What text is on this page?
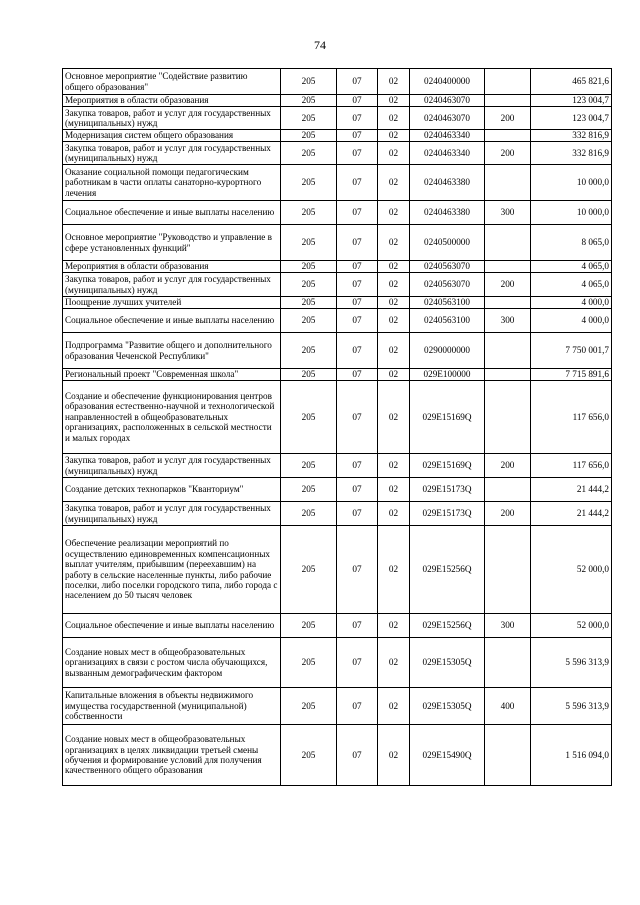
74
Основное мероприятие "Содействие развитию общего образования"	205	07	02	0240400000		465 821,6
Мероприятия в области образования	205	07	02	0240463070		123 004,7
Закупка товаров, работ и услуг для государственных (муниципальных) нужд	205	07	02	0240463070	200	123 004,7
Модернизация систем общего образования	205	07	02	0240463340		332 816,9
Закупка товаров, работ и услуг для государственных (муниципальных) нужд	205	07	02	0240463340	200	332 816,9
Оказание социальной помощи педагогическим работникам в части оплаты санаторно-курортного лечения	205	07	02	0240463380		10 000,0
Социальное обеспечение и иные выплаты населению	205	07	02	0240463380	300	10 000,0
Основное мероприятие "Руководство и управление в сфере установленных функций"	205	07	02	0240500000		8 065,0
Мероприятия в области образования	205	07	02	0240563070		4 065,0
Закупка товаров, работ и услуг для государственных (муниципальных) нужд	205	07	02	0240563070	200	4 065,0
Поощрение лучших учителей	205	07	02	0240563100		4 000,0
Социальное обеспечение и иные выплаты населению	205	07	02	0240563100	300	4 000,0
Подпрограмма "Развитие общего и дополнительного образования Чеченской Республики"	205	07	02	0290000000		7 750 001,7
Региональный проект "Современная школа"	205	07	02	029E100000		7 715 891,6
Создание и обеспечение функционирования центров образования естественно-научной и технологической направленностей в общеобразовательных организациях, расположенных в сельской местности и малых городах	205	07	02	029E15169Q		117 656,0
Закупка товаров, работ и услуг для государственных (муниципальных) нужд	205	07	02	029E15169Q	200	117 656,0
Создание детских технопарков "Кванториум"	205	07	02	029E15173Q		21 444,2
Закупка товаров, работ и услуг для государственных (муниципальных) нужд	205	07	02	029E15173Q	200	21 444,2
Обеспечение реализации мероприятий по осуществлению единовременных компенсационных выплат учителям, прибывшим (переехавшим) на работу в сельские населенные пункты, либо рабочие поселки, либо поселки городского типа, либо города с населением до 50 тысяч человек	205	07	02	029E15256Q		52 000,0
Социальное обеспечение и иные выплаты населению	205	07	02	029E15256Q	300	52 000,0
Создание новых мест в общеобразовательных организациях в связи с ростом числа обучающихся, вызванным демографическим фактором	205	07	02	029E15305Q		5 596 313,9
Капитальные вложения в объекты недвижимого имущества государственной (муниципальной) собственности	205	07	02	029E15305Q	400	5 596 313,9
Создание новых мест в общеобразовательных организациях в целях ликвидации третьей смены обучения и формирование условий для получения качественного общего образования	205	07	02	029E15490Q		1 516 094,0
